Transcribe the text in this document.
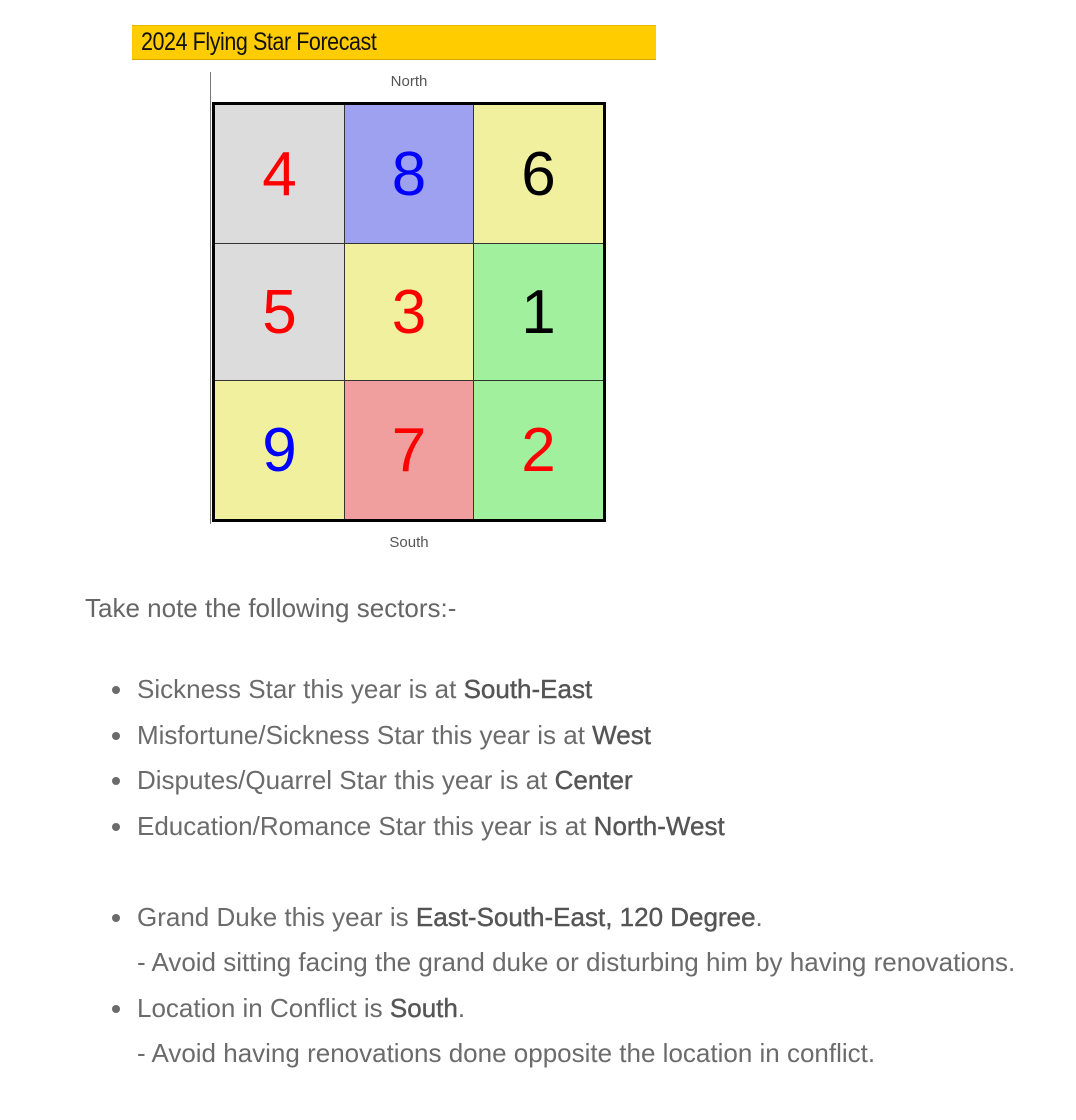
2024 Flying Star Forecast
North
4	8	6
5	3	1
9	7	2
South
Take note the following sectors:-
Sickness Star this year is at South-East
Misfortune/Sickness Star this year is at West
Disputes/Quarrel Star this year is at Center
Education/Romance Star this year is at North-West
Grand Duke this year is East-South-East, 120 Degree.
- Avoid sitting facing the grand duke or disturbing him by having renovations.
Location in Conflict is South.
- Avoid having renovations done opposite the location in conflict.
